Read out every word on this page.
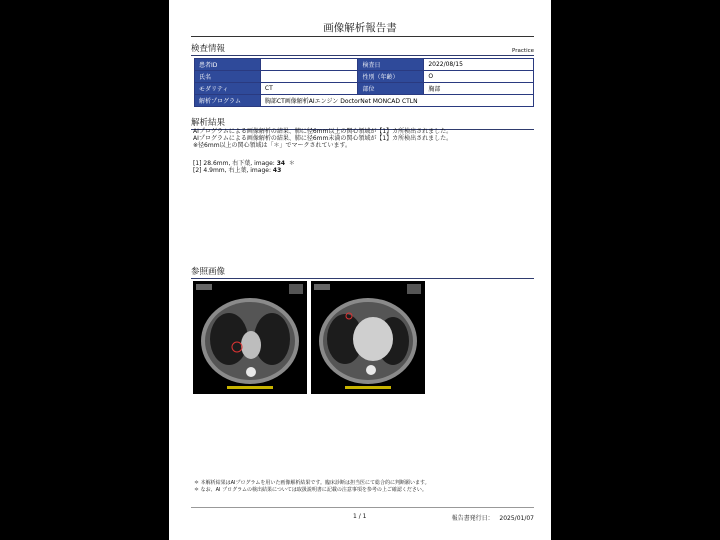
画像解析報告書
検査情報	Practice
患者ID		検査日	2022/08/15
氏名		性別（年齢）	O
モダリティ	CT	部位	胸部
解析プログラム	胸部CT画像解析AIエンジン DoctorNet MONCAD CTLN		
解析結果
AIプログラムによる画像解析の結果、肺に径6mm以上の関心領域が【1】カ所検出されました。
AIプログラムによる画像解析の結果、肺に径6mm未満の関心領域が【1】カ所検出されました。
※径6mm以上の関心領域は「＊」でマークされています。
[1] 28.6mm, 右下葉, image: 34 ＊
[2] 4.9mm, 右上葉, image: 43
参照画像
＊ 本解析結果はAIプログラムを用いた画像解析結果です。臨床診断は担当医にて総合的に判断願います。
＊ なお、AI プログラムの検出結果については取扱説明書に記載の注意事項を参考の上ご確認ください。
1 / 1	報告書発行日： 2025/01/07
